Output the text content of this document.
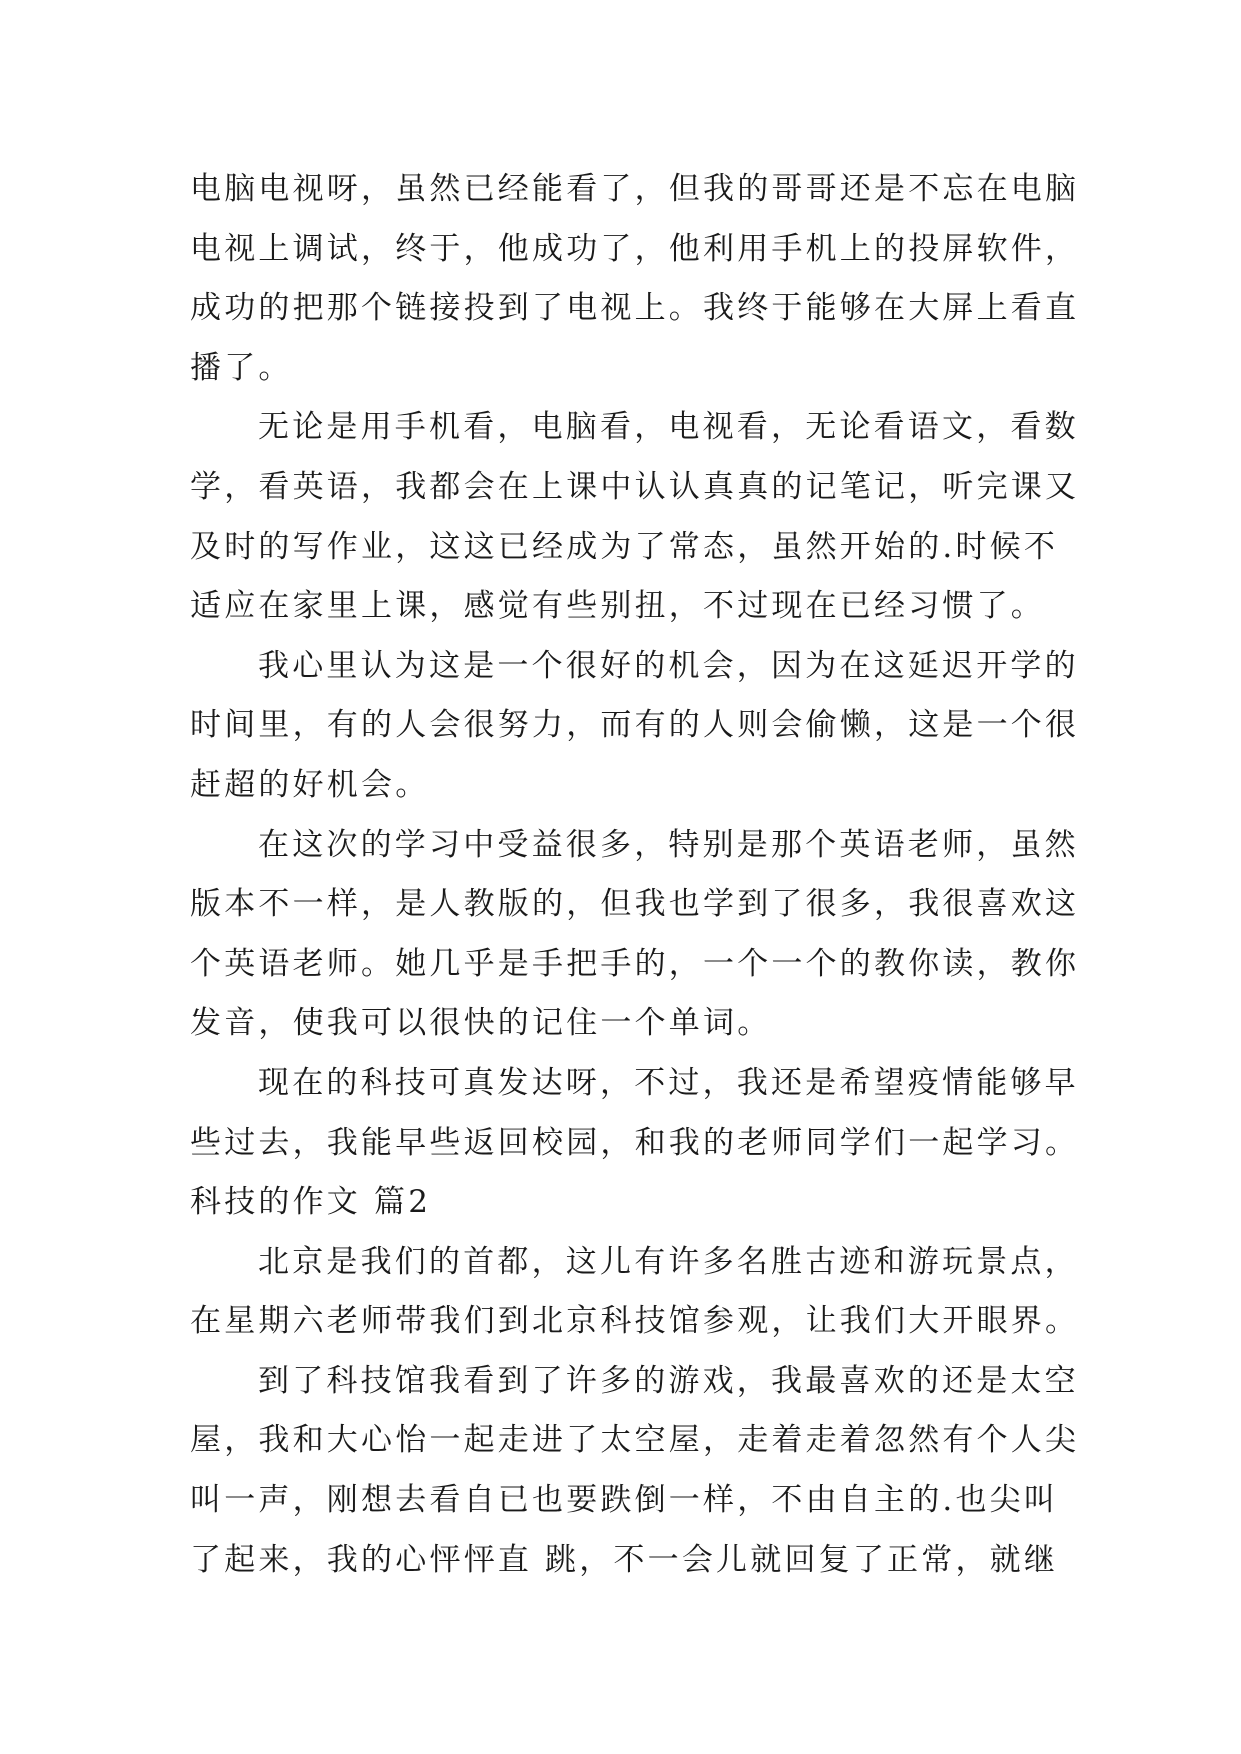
电脑电视呀，虽然已经能看了，但我的哥哥还是不忘在电脑
电视上调试，终于，他成功了，他利用手机上的投屏软件，
成功的把那个链接投到了电视上。我终于能够在大屏上看直
播了。
无论是用手机看，电脑看，电视看，无论看语文，看数
学，看英语，我都会在上课中认认真真的记笔记，听完课又
及时的写作业，这这已经成为了常态，虽然开始的.时候不
适应在家里上课，感觉有些别扭，不过现在已经习惯了。
我心里认为这是一个很好的机会，因为在这延迟开学的
时间里，有的人会很努力，而有的人则会偷懒，这是一个很
赶超的好机会。
在这次的学习中受益很多，特别是那个英语老师，虽然
版本不一样，是人教版的，但我也学到了很多，我很喜欢这
个英语老师。她几乎是手把手的，一个一个的教你读，教你
发音，使我可以很快的记住一个单词。
现在的科技可真发达呀，不过，我还是希望疫情能够早
些过去，我能早些返回校园，和我的老师同学们一起学习。
科技的作文 篇2
北京是我们的首都，这儿有许多名胜古迹和游玩景点，
在星期六老师带我们到北京科技馆参观，让我们大开眼界。
到了科技馆我看到了许多的游戏，我最喜欢的还是太空
屋，我和大心怡一起走进了太空屋，走着走着忽然有个人尖
叫一声，刚想去看自已也要跌倒一样，不由自主的.也尖叫
了起来，我的心怦怦直 跳，不一会儿就回复了正常，就继
